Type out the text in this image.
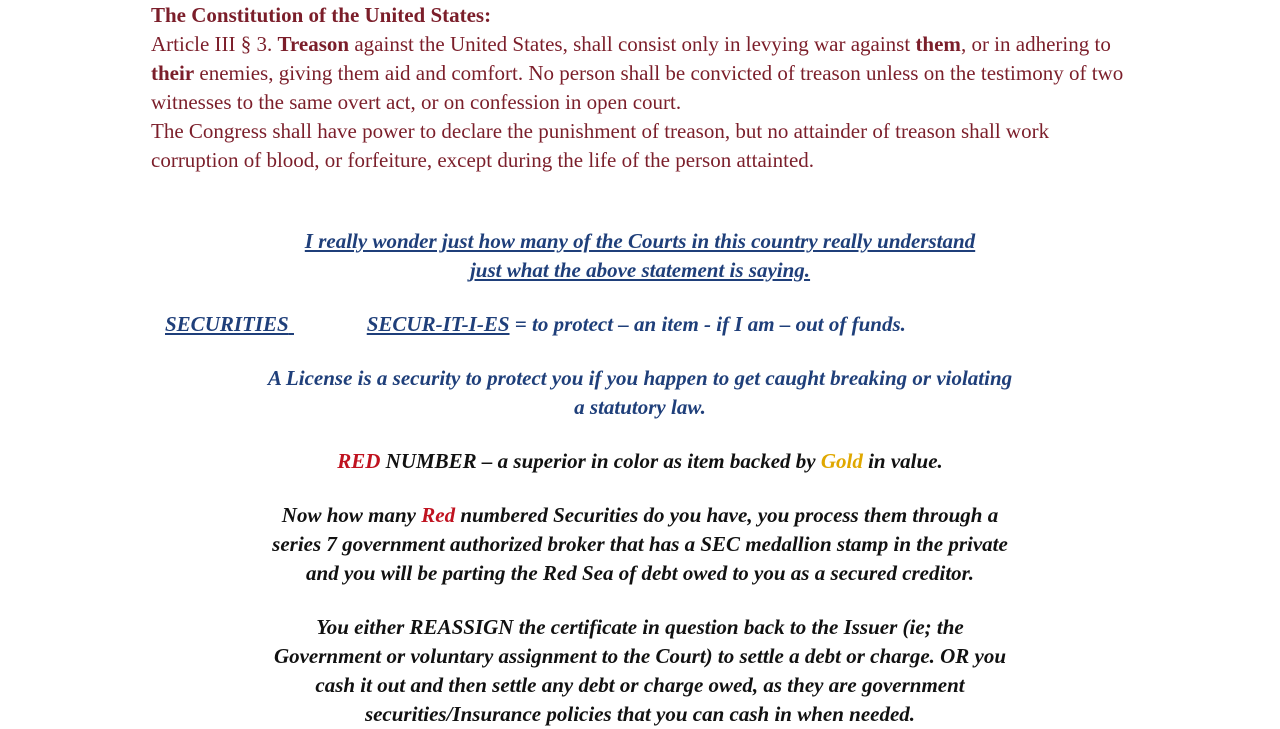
The Constitution of the United States:
Article III § 3. Treason against the United States, shall consist only in levying war against them, or in adhering to their enemies, giving them aid and comfort. No person shall be convicted of treason unless on the testimony of two witnesses to the same overt act, or on confession in open court.
The Congress shall have power to declare the punishment of treason, but no attainder of treason shall work corruption of blood, or forfeiture, except during the life of the person attainted.
I really wonder just how many of the Courts in this country really understand
just what the above statement is saying.
SECURITIES	SECUR-IT-I-ES = to protect – an item - if I am – out of funds.
A License is a security to protect you if you happen to get caught breaking or violating
a statutory law.
RED NUMBER – a superior in color as item backed by Gold in value.
Now how many Red numbered Securities do you have, you process them through a
series 7 government authorized broker that has a SEC medallion stamp in the private
and you will be parting the Red Sea of debt owed to you as a secured creditor.
You either REASSIGN the certificate in question back to the Issuer (ie; the
Government or voluntary assignment to the Court) to settle a debt or charge. OR you
cash it out and then settle any debt or charge owed, as they are government
securities/Insurance policies that you can cash in when needed.
